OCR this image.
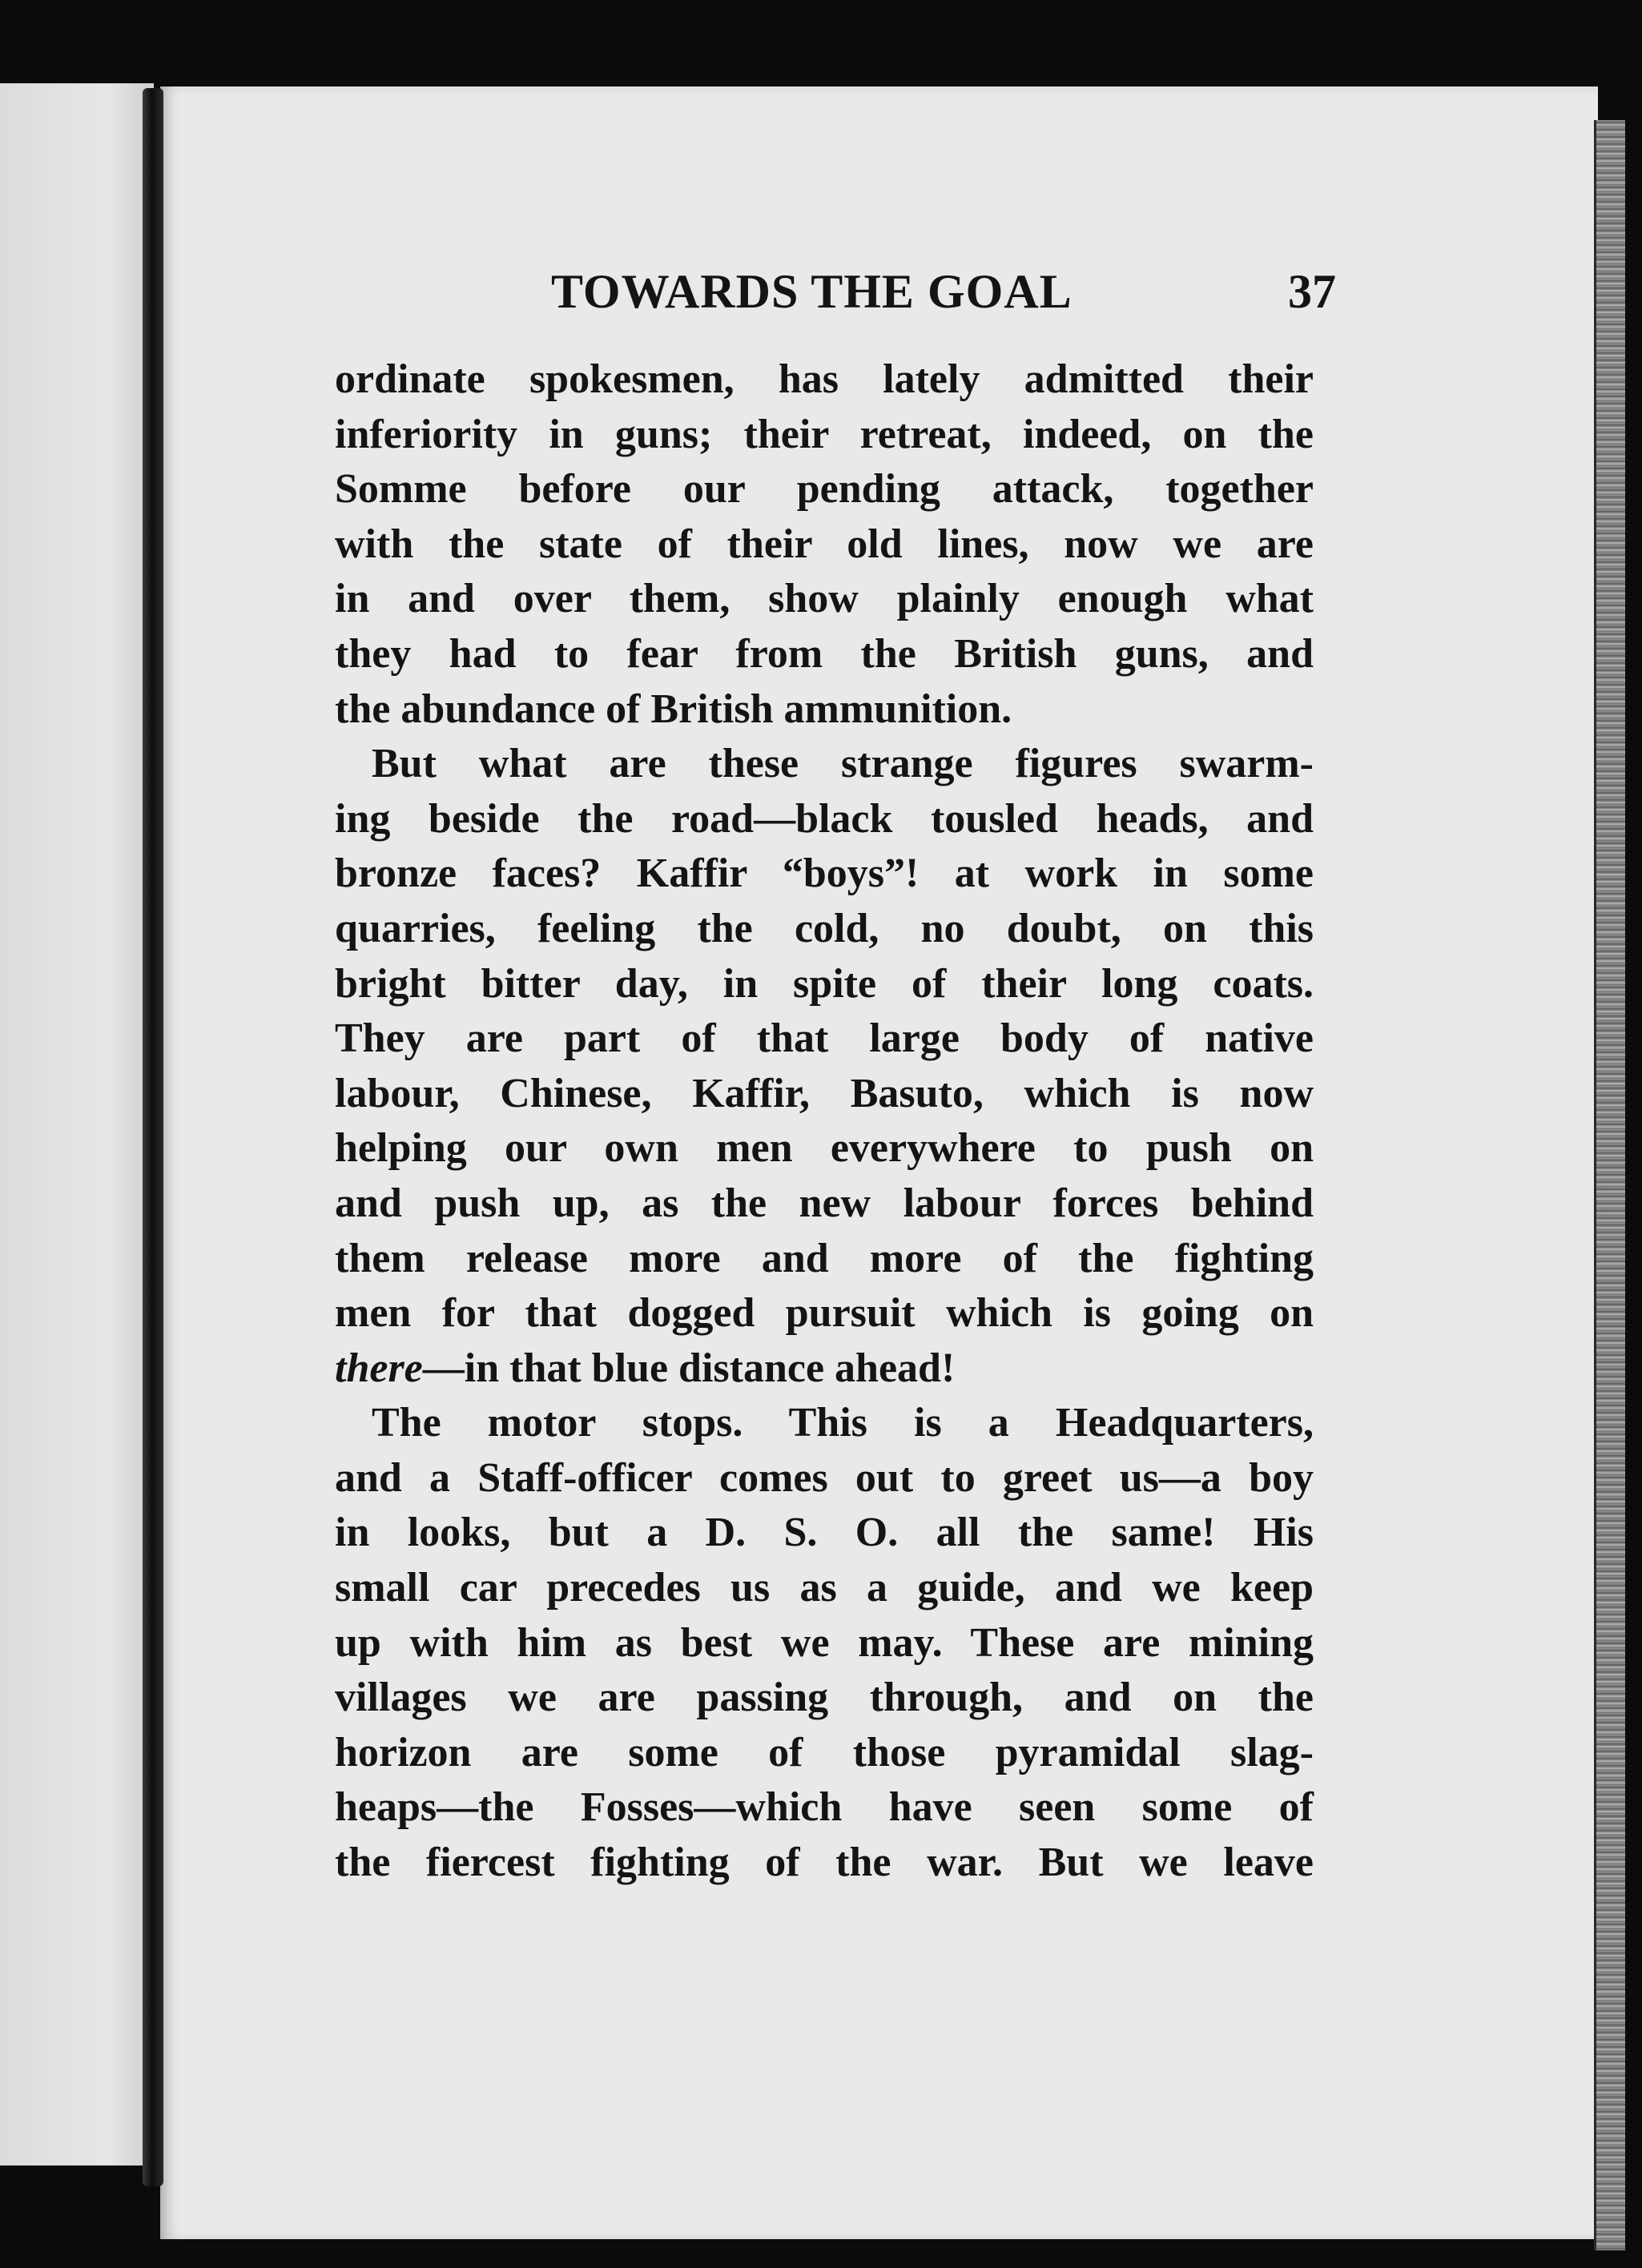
TOWARDS THE GOAL	37
ordinate spokesmen, has lately admitted their
inferiority in guns; their retreat, indeed, on the
Somme before our pending attack, together
with the state of their old lines, now we are
in and over them, show plainly enough what
they had to fear from the British guns, and
the abundance of British ammunition.
But what are these strange figures swarm-
ing beside the road—black tousled heads, and
bronze faces? Kaffir “boys”! at work in some
quarries, feeling the cold, no doubt, on this
bright bitter day, in spite of their long coats.
They are part of that large body of native
labour, Chinese, Kaffir, Basuto, which is now
helping our own men everywhere to push on
and push up, as the new labour forces behind
them release more and more of the fighting
men for that dogged pursuit which is going on
there—in that blue distance ahead!
The motor stops. This is a Headquarters,
and a Staff-officer comes out to greet us—a boy
in looks, but a D. S. O. all the same! His
small car precedes us as a guide, and we keep
up with him as best we may. These are mining
villages we are passing through, and on the
horizon are some of those pyramidal slag-
heaps—the Fosses—which have seen some of
the fiercest fighting of the war. But we leave
